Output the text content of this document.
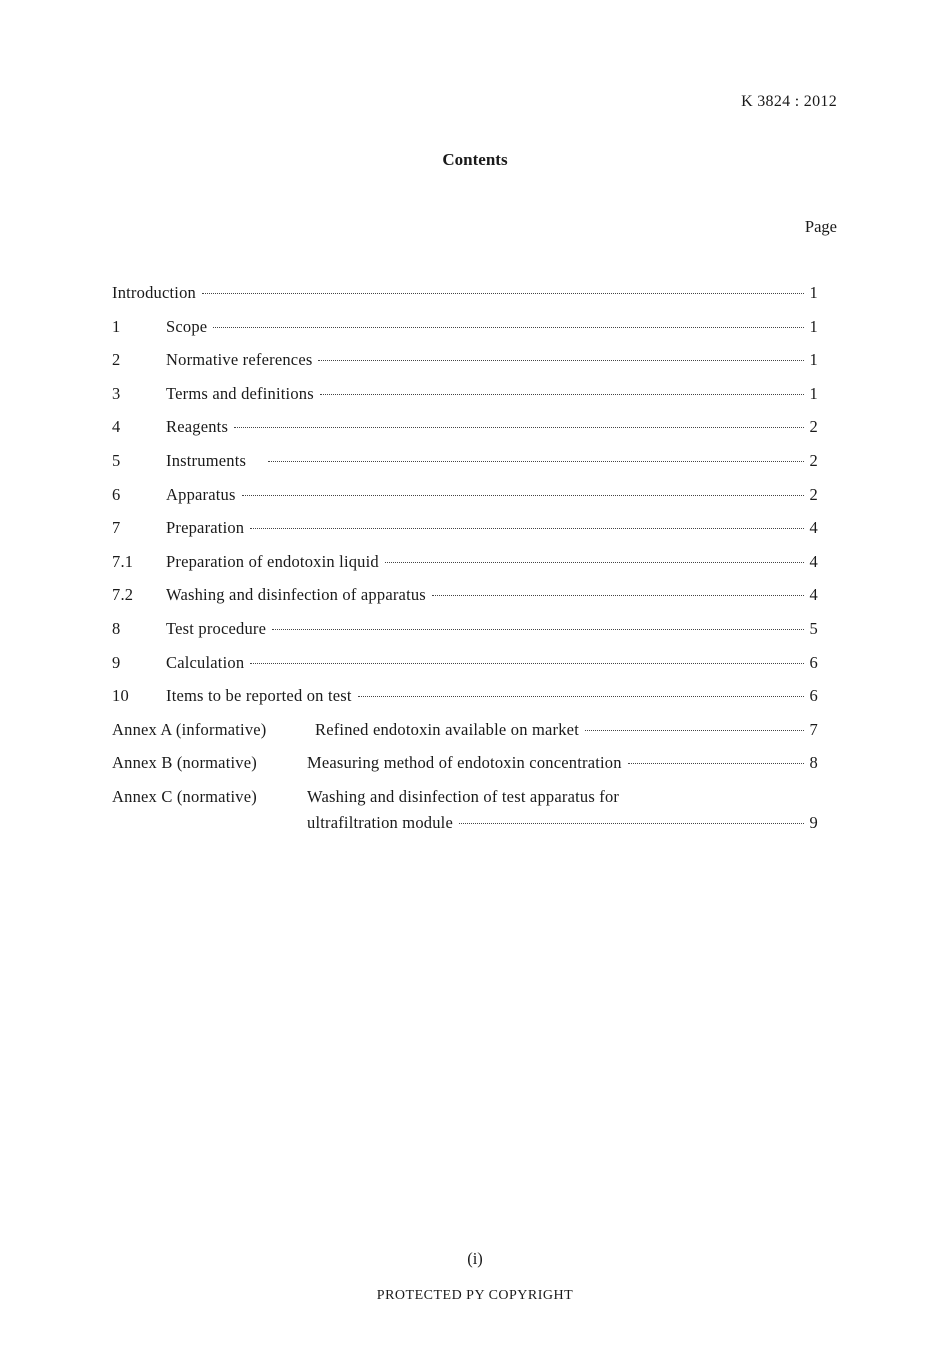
K 3824 : 2012
Contents
Page
Introduction	1
1	Scope	1
2	Normative references	1
3	Terms and definitions	1
4	Reagents	2
5	Instruments	2
6	Apparatus	2
7	Preparation	4
7.1 Preparation of endotoxin liquid	4
7.2 Washing and disinfection of apparatus	4
8	Test procedure	5
9	Calculation	6
10 Items to be reported on test	6
Annex A (informative)	Refined endotoxin available on market	7
Annex B (normative)	Measuring method of endotoxin concentration	8
Annex C (normative)	Washing and disinfection of test apparatus for
ultrafiltration module	9
(i)
PROTECTED PY COPYRIGHT
